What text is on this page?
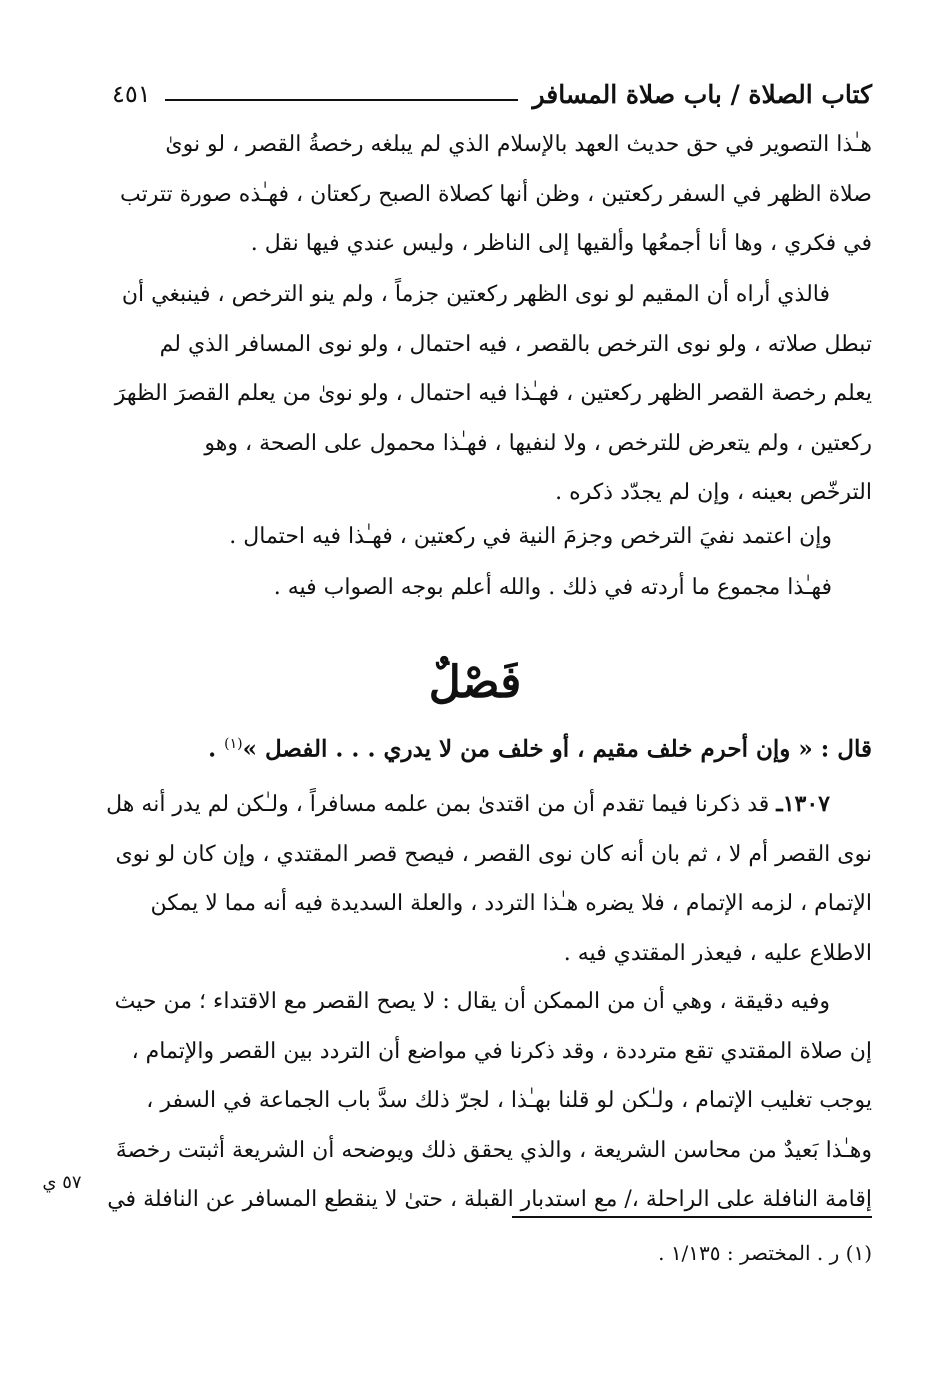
كتاب الصلاة / باب صلاة المسافر
٤٥١

هـٰذا التصوير في حق حديث العهد بالإسلام الذي لم يبلغه رخصةُ القصر ، لو نوىٰ

صلاة الظهر في السفر ركعتين ، وظن أنها كصلاة الصبح ركعتان ، فهـٰذه صورة تترتب

في فكري ، وها أنا أجمعُها وألقيها إلى الناظر ، وليس عندي فيها نقل .

فالذي أراه أن المقيم لو نوى الظهر ركعتين جزماً ، ولم ينو الترخص ، فينبغي أن

تبطل صلاته ، ولو نوى الترخص بالقصر ، فيه احتمال ، ولو نوى المسافر الذي لم

يعلم رخصة القصر الظهر ركعتين ، فهـٰذا فيه احتمال ، ولو نوىٰ من يعلم القصرَ الظهرَ

ركعتين ، ولم يتعرض للترخص ، ولا لنفيها ، فهـٰذا محمول على الصحة ، وهو

الترخّص بعينه ، وإن لم يجدّد ذكره .

وإن اعتمد نفيَ الترخص وجزمَ النية في ركعتين ، فهـٰذا فيه احتمال .
فهـٰذا مجموع ما أردته في ذلك . والله أعلم بوجه الصواب فيه .
فَصْلٌ
قال : « وإن أحرم خلف مقيم ، أو خلف من لا يدري . . . الفصل »$^{(١)}$ .

١٣٠٧ـ قد ذكرنا فيما تقدم أن من اقتدىٰ بمن علمه مسافراً ، ولـٰكن لم يدر أنه هل

نوى القصر أم لا ، ثم بان أنه كان نوى القصر ، فيصح قصر المقتدي ، وإن كان لو نوى

الإتمام ، لزمه الإتمام ، فلا يضره هـٰذا التردد ، والعلة السديدة فيه أنه مما لا يمكن

الاطلاع عليه ، فيعذر المقتدي فيه .

وفيه دقيقة ، وهي أن من الممكن أن يقال : لا يصح القصر مع الاقتداء ؛ من حيث

إن صلاة المقتدي تقع مترددة ، وقد ذكرنا في مواضع أن التردد بين القصر والإتمام ،

يوجب تغليب الإتمام ، ولـٰكن لو قلنا بهـٰذا ، لجرّ ذلك سدَّ باب الجماعة في السفر ،

وهـٰذا بَعيدٌ من محاسن الشريعة ، والذي يحقق ذلك ويوضحه أن الشريعة أثبتت رخصةَ

إقامة النافلة على الراحلة ،/ مع استدبار القبلة ، حتىٰ لا ينقطع المسافر عن النافلة في

٥٧ ي
(١) ر . المختصر : ١/١٣٥ .
